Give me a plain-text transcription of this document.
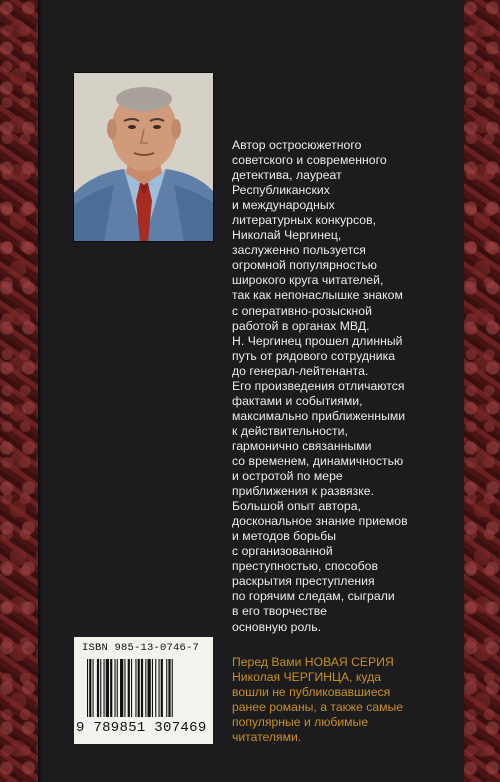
Автор остросюжетного
советского и современного
детектива, лауреат
Республиканских
и международных
литературных конкурсов,
Николай Чергинец,
заслуженно пользуется
огромной популярностью
широкого круга читателей,
так как непонаслышке знаком
с оперативно-розыскной
работой в органах МВД.
Н. Чергинец прошел длинный
путь от рядового сотрудника
до генерал-лейтенанта.
Его произведения отличаются
фактами и событиями,
максимально приближенными
к действительности,
гармонично связанными
со временем, динамичностью
и остротой по мере
приближения к развязке.
Большой опыт автора,
доскональное знание приемов
и методов борьбы
с организованной
преступностью, способов
раскрытия преступления
по горячим следам, сыграли
в его творчестве
основную роль.

Перед Вами НОВАЯ СЕРИЯ
Николая ЧЕРГИНЦА, куда
вошли не публиковавшиеся
ранее романы, а также самые
популярные и любимые
читателями.

ISBN 985-13-0746-7
9 789851 307469
